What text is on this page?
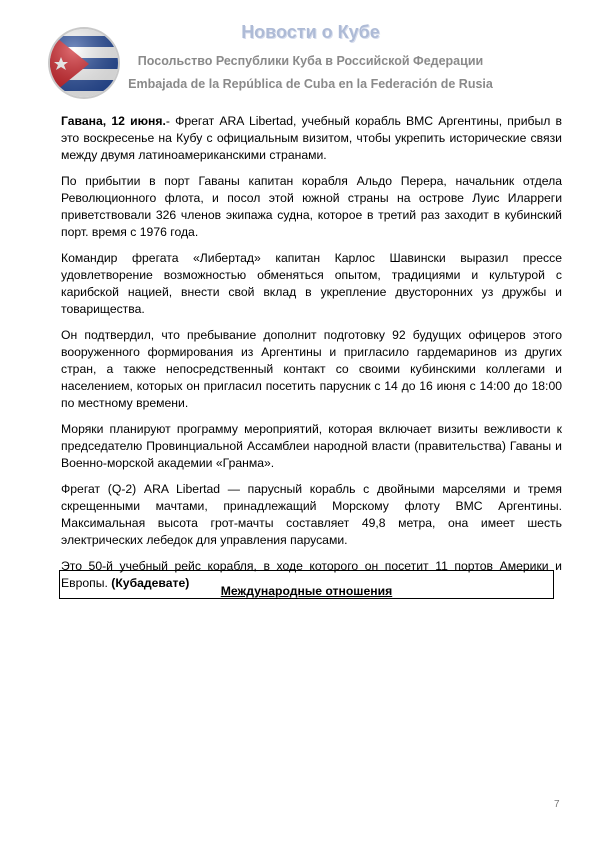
Новости о Кубе
Посольство Республики Куба в Российской Федерации
Embajada de la República de Cuba en la Federación de Rusia

Гавана, 12 июня.- Фрегат ARA Libertad, учебный корабль ВМС Аргентины, прибыл в это воскресенье на Кубу с официальным визитом, чтобы укрепить исторические связи между двумя латиноамериканскими странами.

По прибытии в порт Гаваны капитан корабля Альдо Перера, начальник отдела Революционного флота, и посол этой южной страны на острове Луис Иларреги приветствовали 326 членов экипажа судна, которое в третий раз заходит в кубинский порт. время с 1976 года.

Командир фрегата «Либертад» капитан Карлос Шавински выразил прессе удовлетворение возможностью обменяться опытом, традициями и культурой с карибской нацией, внести свой вклад в укрепление двусторонних уз дружбы и товарищества.

Он подтвердил, что пребывание дополнит подготовку 92 будущих офицеров этого вооруженного формирования из Аргентины и пригласило гардемаринов из других стран, а также непосредственный контакт со своими кубинскими коллегами и населением, которых он пригласил посетить парусник с 14 до 16 июня с 14:00 до 18:00 по местному времени.

Моряки планируют программу мероприятий, которая включает визиты вежливости к председателю Провинциальной Ассамблеи народной власти (правительства) Гаваны и Военно-морской академии «Гранма».

Фрегат (Q-2) ARA Libertad — парусный корабль с двойными марселями и тремя скрещенными мачтами, принадлежащий Морскому флоту ВМС Аргентины. Максимальная высота грот-мачты составляет 49,8 метра, она имеет шесть электрических лебедок для управления парусами.

Это 50-й учебный рейс корабля, в ходе которого он посетит 11 портов Америки и Европы. (Кубадевате)

Международные отношения
7
